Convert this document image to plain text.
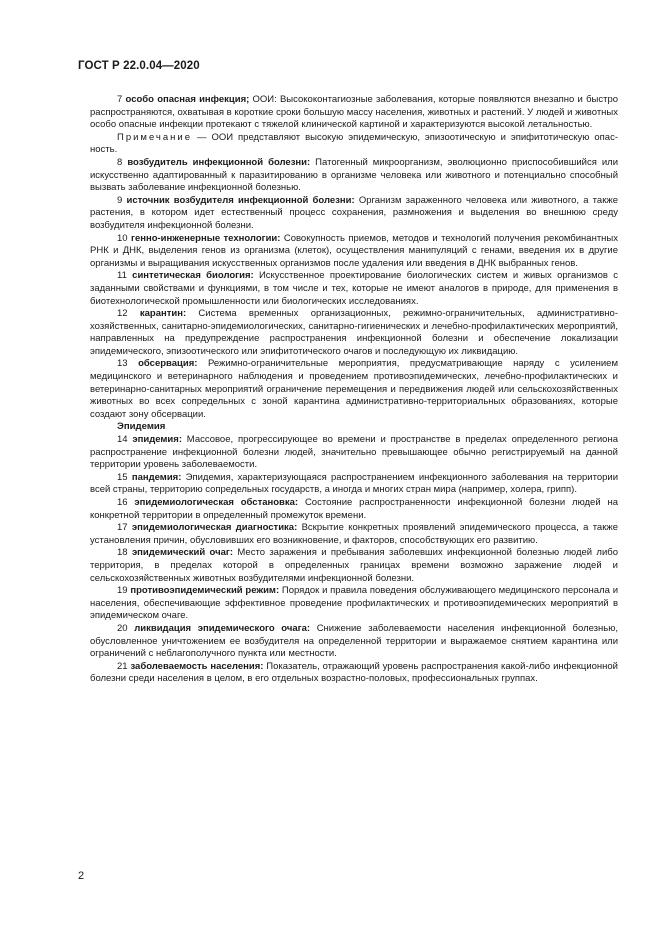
ГОСТ Р 22.0.04—2020

7 особо опасная инфекция; ООИ: Высококонтагиозные заболевания, которые появляются внезапно и быстро распространяются, охватывая в короткие сроки большую массу населения, животных и растений. У людей и животных особо опасные инфекции протекают с тяжелой клинической картиной и характеризуются высокой летальностью.

Примечание — ООИ представляют высокую эпидемическую, эпизоотическую и эпифитотическую опасность.

8 возбудитель инфекционной болезни: Патогенный микроорганизм, эволюционно приспособившийся или искусственно адаптированный к паразитированию в организме человека или животного и потенциально способный вызвать заболевание инфекционной болезнью.

9 источник возбудителя инфекционной болезни: Организм зараженного человека или животного, а также растения, в котором идет естественный процесс сохранения, размножения и выделения во внешнюю среду возбудителя инфекционной болезни.

10 генно-инженерные технологии: Совокупность приемов, методов и технологий получения рекомбинантных РНК и ДНК, выделения генов из организма (клеток), осуществления манипуляций с генами, введения их в другие организмы и выращивания искусственных организмов после удаления или введения в ДНК выбранных генов.

11 синтетическая биология: Искусственное проектирование биологических систем и живых организмов с заданными свойствами и функциями, в том числе и тех, которые не имеют аналогов в природе, для применения в биотехнологической промышленности или биологических исследованиях.

12 карантин: Система временных организационных, режимно-ограничительных, административно-хозяйственных, санитарно-эпидемиологических, санитарно-гигиенических и лечебно-профилактических мероприятий, направленных на предупреждение распространения инфекционной болезни и обеспечение локализации эпидемического, эпизоотического или эпифитотического очагов и последующую их ликвидацию.

13 обсервация: Режимно-ограничительные мероприятия, предусматривающие наряду с усилением медицинского и ветеринарного наблюдения и проведением противоэпидемических, лечебно-профилактических и ветеринарно-санитарных мероприятий ограничение перемещения и передвижения людей или сельскохозяйственных животных во всех сопредельных с зоной карантина административно-территориальных образованиях, которые создают зону обсервации.

Эпидемия

14 эпидемия: Массовое, прогрессирующее во времени и пространстве в пределах определенного региона распространение инфекционной болезни людей, значительно превышающее обычно регистрируемый на данной территории уровень заболеваемости.

15 пандемия: Эпидемия, характеризующаяся распространением инфекционного заболевания на территории всей страны, территорию сопредельных государств, а иногда и многих стран мира (например, холера, грипп).

16 эпидемиологическая обстановка: Состояние распространенности инфекционной болезни людей на конкретной территории в определенный промежуток времени.

17 эпидемиологическая диагностика: Вскрытие конкретных проявлений эпидемического процесса, а также установления причин, обусловивших его возникновение, и факторов, способствующих его развитию.

18 эпидемический очаг: Место заражения и пребывания заболевших инфекционной болезнью людей либо территория, в пределах которой в определенных границах времени возможно заражение людей и сельскохозяйственных животных возбудителями инфекционной болезни.

19 противоэпидемический режим: Порядок и правила поведения обслуживающего медицинского персонала и населения, обеспечивающие эффективное проведение профилактических и противоэпидемических мероприятий в эпидемическом очаге.

20 ликвидация эпидемического очага: Снижение заболеваемости населения инфекционной болезнью, обусловленное уничтожением ее возбудителя на определенной территории и выражаемое снятием карантина или ограничений с неблагополучного пункта или местности.

21 заболеваемость населения: Показатель, отражающий уровень распространения какой-либо инфекционной болезни среди населения в целом, в его отдельных возрастно-половых, профессиональных группах.

2
